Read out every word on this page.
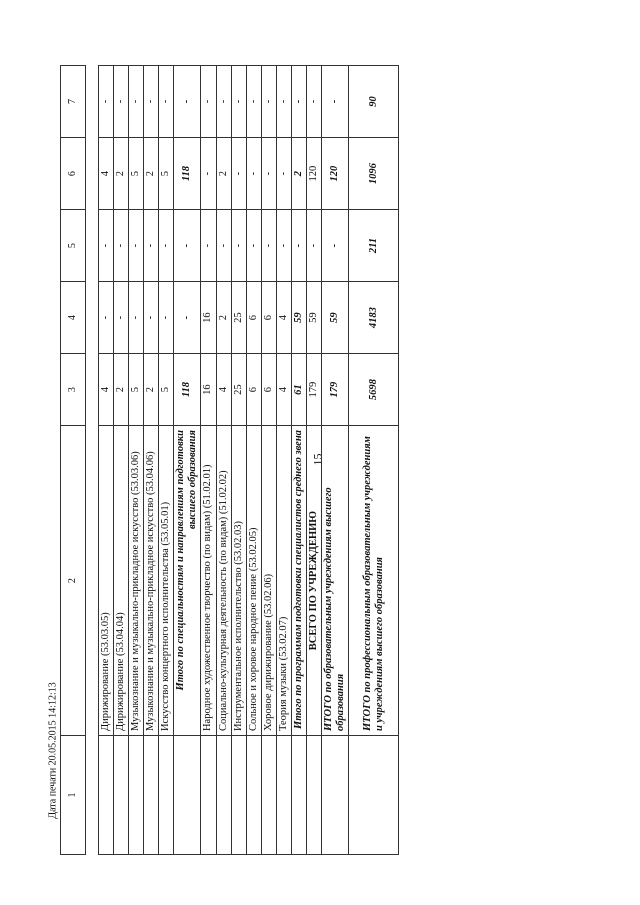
15
Дата печати 20.05.2015 14:12:13 1	2	3	4	5	6	7

	Дирижирование (53.03.05)	4	-	-	4	-
	Дирижирование (53.04.04)	2	-	-	2	-
	Музыкознание и музыкально-прикладное искусство (53.03.06)	5	-	-	5	-
	Музыкознание и музыкально-прикладное искусство (53.04.06)	2	-	-	2	-
	Искусство концертного исполнительства (53.05.01)	5	-	-	5	-
	Итого по специальностям и направлениям подготовки высшего образования	118	-	-	118	-
	Народное художественное творчество (по видам) (51.02.01)	16	16	-	-	-
	Социально-культурная деятельность (по видам) (51.02.02)	4	2	-	2	-
	Инструментальное исполнительство (53.02.03)	25	25	-	-	-
	Сольное и хоровое народное пение (53.02.05)	6	6	-	-	-
	Хоровое дирижирование (53.02.06)	6	6	-	-	-
	Теория музыки (53.02.07)	4	4	-	-	-
	Итого по программам подготовки специалистов среднего звена	61	59	-	2	-
	ВСЕГО ПО УЧРЕЖДЕНИЮ	179	59	-	120	-
	ИТОГО по образовательным учреждениям высшего образования	179	59	-	120	-
	ИТОГО по профессиональным образовательным учреждениям и учреждениям высшего образования	5698	4183	211	1096	90
